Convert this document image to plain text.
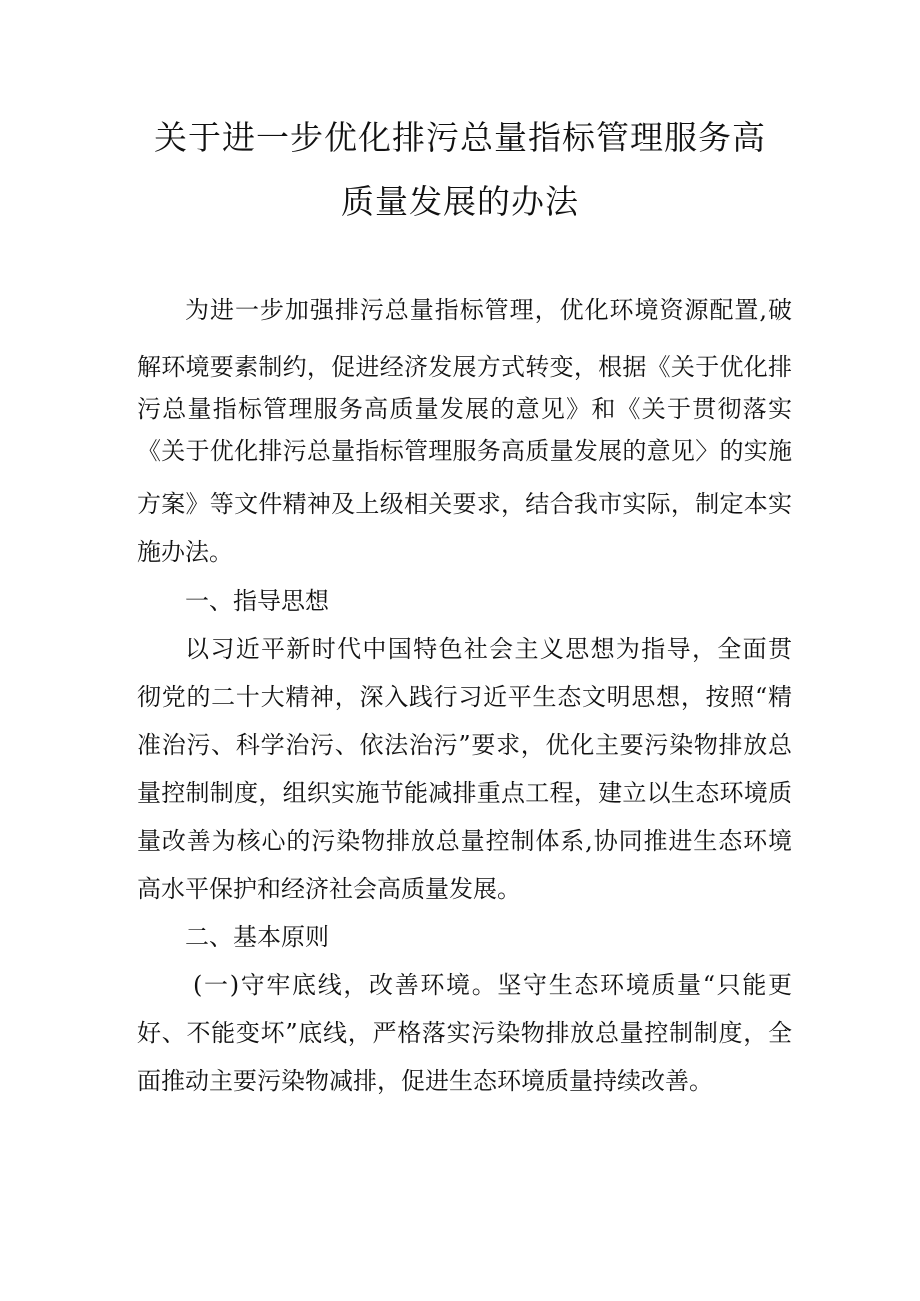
关于进一步优化排污总量指标管理服务高
质量发展的办法
为进一步加强排污总量指标管理，优化环境资源配置,破
解环境要素制约，促进经济发展方式转变，根据《关于优化排
污总量指标管理服务高质量发展的意见》和《关于贯彻落实
《关于优化排污总量指标管理服务高质量发展的意见〉的实施
方案》等文件精神及上级相关要求，结合我市实际，制定本实
施办法。
一、指导思想
以习近平新时代中国特色社会主义思想为指导，全面贯
彻党的二十大精神，深入践行习近平生态文明思想，按照“精
准治污、科学治污、依法治污”要求，优化主要污染物排放总
量控制制度，组织实施节能减排重点工程，建立以生态环境质
量改善为核心的污染物排放总量控制体系,协同推进生态环境
高水平保护和经济社会高质量发展。
二、基本原则
(一)守牢底线，改善环境。坚守生态环境质量“只能更
好、不能变坏”底线，严格落实污染物排放总量控制制度，全
面推动主要污染物减排，促进生态环境质量持续改善。
